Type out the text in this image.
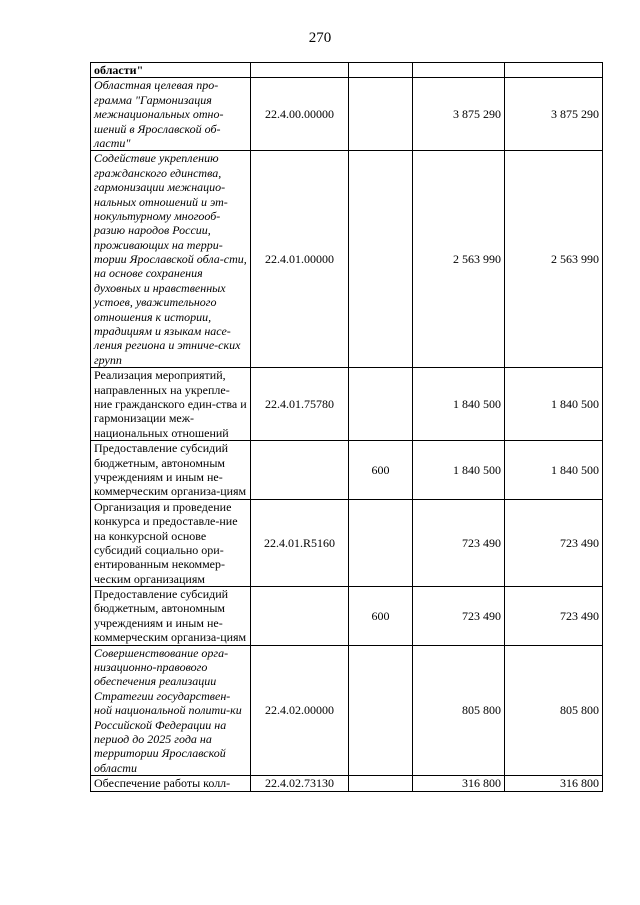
270
области"				
Областная целевая про-грамма "Гармонизация межнациональных отно-шений в Ярославской об-ласти"	22.4.00.00000		3 875 290	3 875 290
Содействие укреплению гражданского единства, гармонизации межнацио-нальных отношений и эт-нокультурному многооб-разию народов России, проживающих на терри-тории Ярославской обла-сти, на основе сохранения духовных и нравственных устоев, уважительного отношения к истории, традициям и языкам насе-ления региона и этниче-ских групп	22.4.01.00000		2 563 990	2 563 990
Реализация мероприятий, направленных на укрепле-ние гражданского един-ства и гармонизации меж-национальных отношений	22.4.01.75780		1 840 500	1 840 500
Предоставление субсидий бюджетным, автономным учреждениям и иным не-коммерческим организа-циям		600	1 840 500	1 840 500
Организация и проведение конкурса и предоставле-ние на конкурсной основе субсидий социально ори-ентированным некоммер-ческим организациям	22.4.01.R5160		723 490	723 490
Предоставление субсидий бюджетным, автономным учреждениям и иным не-коммерческим организа-циям		600	723 490	723 490
Совершенствование орга-низационно-правового обеспечения реализации Стратегии государствен-ной национальной полити-ки Российской Федерации на период до 2025 года на территории Ярославской области	22.4.02.00000		805 800	805 800
Обеспечение работы колл-	22.4.02.73130		316 800	316 800
